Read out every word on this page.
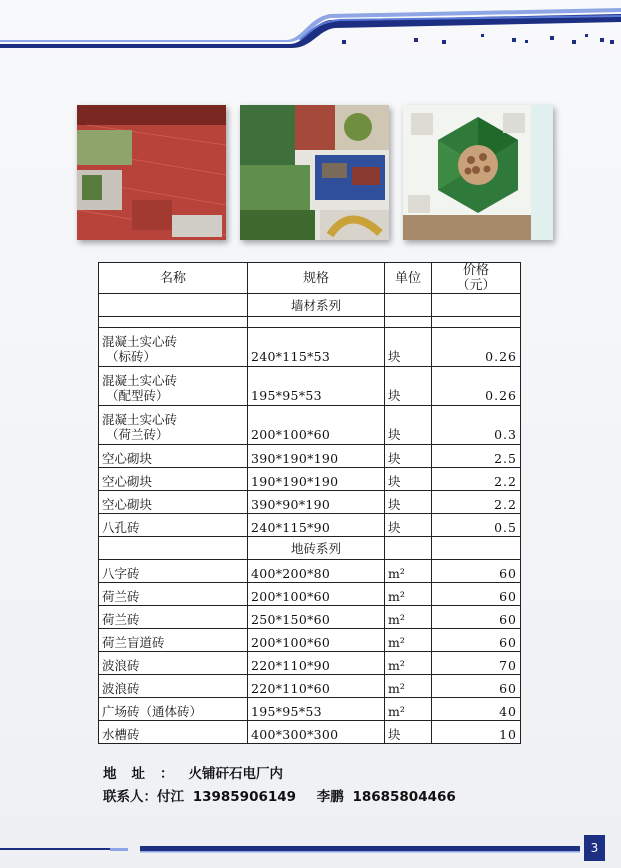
名称	规格	单位	价格
（元）

	墙材系列		

混凝土实心砖
（标砖）	240*115*53	块	0.26

混凝土实心砖
（配型砖）	195*95*53	块	0.26

混凝土实心砖
（荷兰砖）	200*100*60	块	0.3
空心砌块	390*190*190	块	2.5
空心砌块	190*190*190	块	2.2
空心砌块	390*90*190	块	2.2
八孔砖	240*115*90	块	0.5
	地砖系列		
八字砖	400*200*80	m²	60
荷兰砖	200*100*60	m²	60
荷兰砖	250*150*60	m²	60
荷兰盲道砖	200*100*60	m²	60
波浪砖	220*110*90	m²	70
波浪砖	220*110*60	m²	60
广场砖（通体砖）	195*95*53	m²	40
水槽砖	400*300*300	块	10
地址：火铺矸石电厂内
联系人：付江 13985906149 李鹏 18685804466
3
